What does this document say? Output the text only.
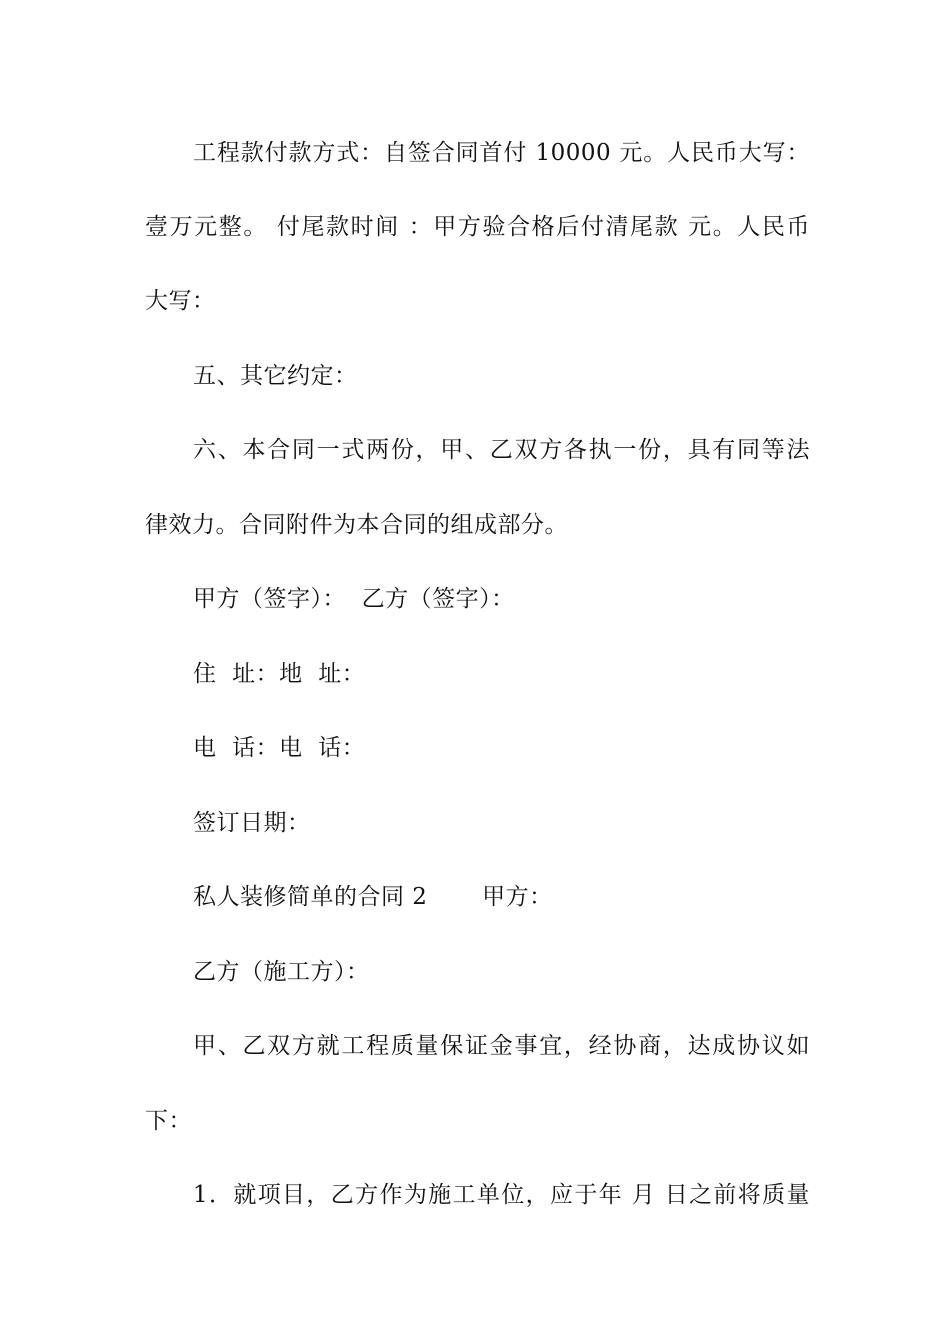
工程款付款方式：自签合同首付 10000 元。人民币大写：
壹万元整。 付尾款时间 ：甲方验合格后付清尾款 元。人民币
大写：
五、其它约定：
六、本合同一式两份，甲、乙双方各执一份，具有同等法
律效力。合同附件为本合同的组成部分。
甲方（签字）：  乙方（签字）：
住  址：地  址：
电  话：电  话：
签订日期：
私人装修简单的合同 2       甲方：
乙方（施工方）：
甲、乙双方就工程质量保证金事宜，经协商，达成协议如
下：
1．就项目，乙方作为施工单位，应于年 月 日之前将质量
